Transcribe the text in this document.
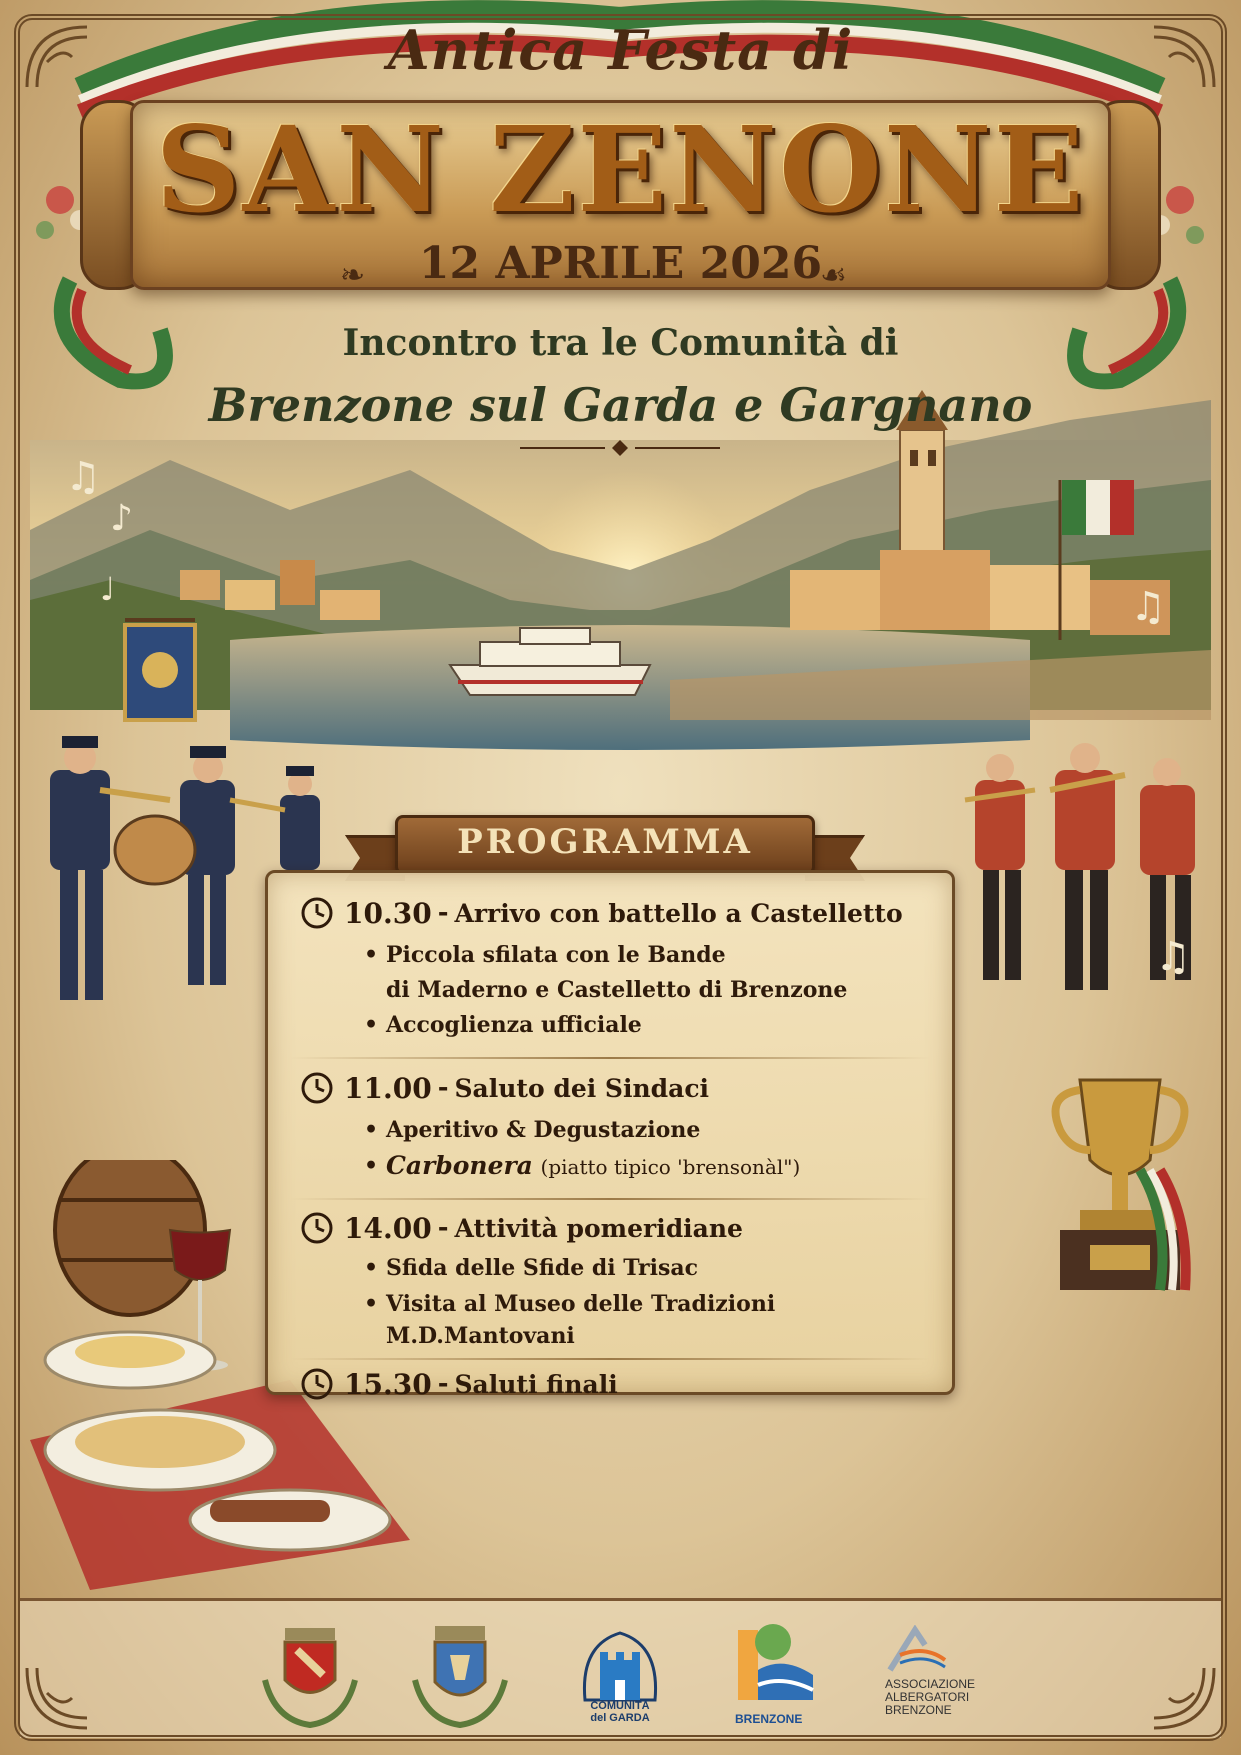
♫
♪
♩	♫
Antica Festa di
SAN ZENONE
❧	12 APRILE 2026
☙
Incontro tra le Comunità di
Brenzone sul Garda e Gargnano
♫
PROGRAMMA
10.30 - Arrivo con battello a Castelletto
• Piccola sfilata con le Bande
di Maderno e Castelletto di Brenzone
• Accoglienza ufficiale
11.00 - Saluto dei Sindaci
• Aperitivo & Degustazione
• Carbonera (piatto tipico 'brensonàl")
14.00 - Attività pomeridiane
• Sfida delle Sfide di Trisac
• Visita al Museo delle Tradizioni
M.D.Mantovani
15.30 - Saluti finali
COMUNITÀ
del GARDA	BRENZONE
ASSOCIAZIONE
ALBERGATORI
BRENZONE
